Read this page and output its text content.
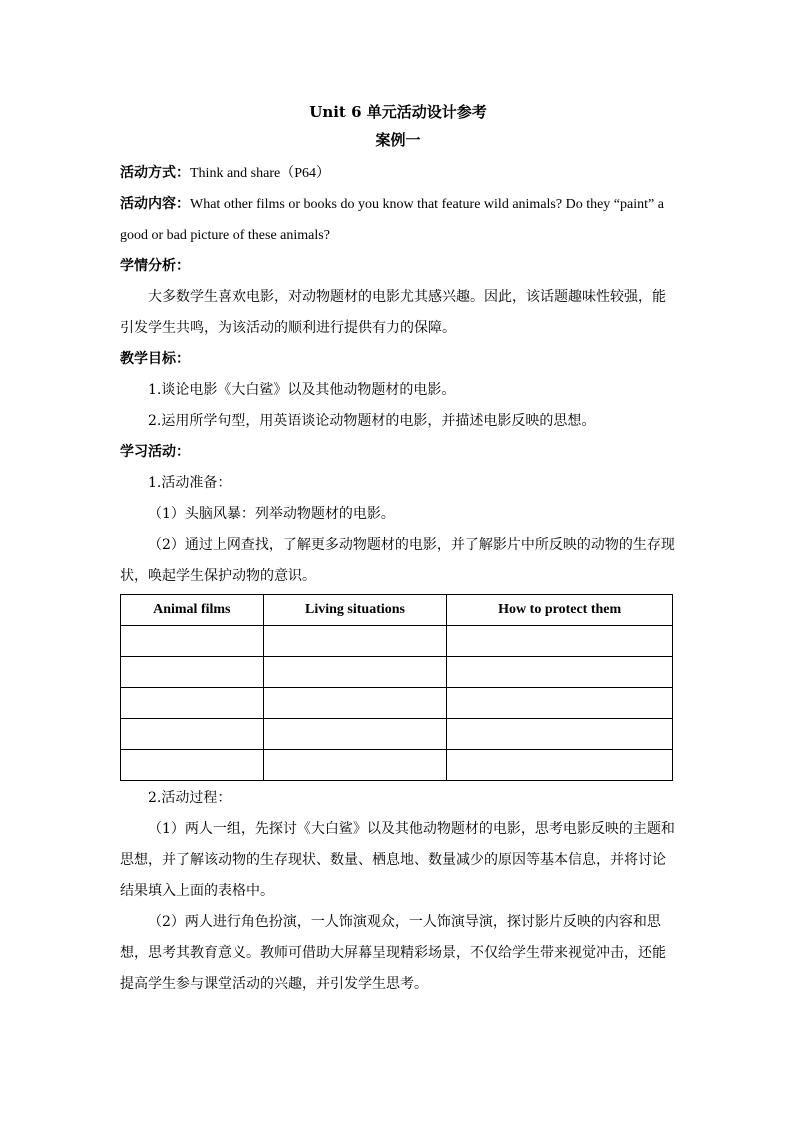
Unit 6 单元活动设计参考

案例一

活动方式：Think and share（P64）

活动内容：What other films or books do you know that feature wild animals? Do they “paint” a good or bad picture of these animals?

学情分析：

大多数学生喜欢电影，对动物题材的电影尤其感兴趣。因此，该话题趣味性较强，能引发学生共鸣，为该活动的顺利进行提供有力的保障。

教学目标：

1.谈论电影《大白鲨》以及其他动物题材的电影。

2.运用所学句型，用英语谈论动物题材的电影，并描述电影反映的思想。

学习活动：

1.活动准备：

（1）头脑风暴：列举动物题材的电影。

（2）通过上网查找，了解更多动物题材的电影，并了解影片中所反映的动物的生存现状，唤起学生保护动物的意识。

Animal films	Living situations	How to protect them

2.活动过程：

（1）两人一组，先探讨《大白鲨》以及其他动物题材的电影，思考电影反映的主题和思想，并了解该动物的生存现状、数量、栖息地、数量减少的原因等基本信息，并将讨论结果填入上面的表格中。

（2）两人进行角色扮演，一人饰演观众，一人饰演导演，探讨影片反映的内容和思想，思考其教育意义。教师可借助大屏幕呈现精彩场景，不仅给学生带来视觉冲击，还能提高学生参与课堂活动的兴趣，并引发学生思考。
